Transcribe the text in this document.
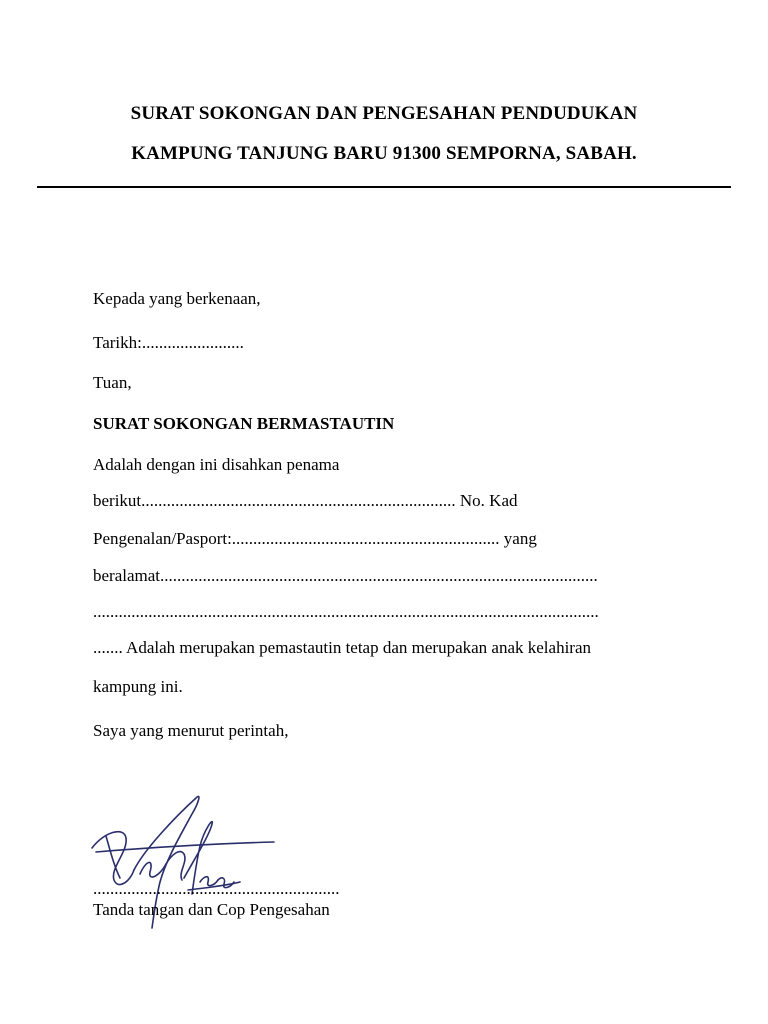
SURAT SOKONGAN DAN PENGESAHAN PENDUDUKAN
KAMPUNG TANJUNG BARU 91300 SEMPORNA, SABAH.
Kepada yang berkenaan,
Tarikh:........................
Tuan,
SURAT SOKONGAN BERMASTAUTIN
Adalah dengan ini disahkan penama
berikut.......................................................................... No. Kad
Pengenalan/Pasport:............................................................... yang
beralamat.......................................................................................................
.......................................................................................................................
....... Adalah merupakan pemastautin tetap dan merupakan anak kelahiran
kampung ini.
Saya yang menurut perintah,
..........................................................
Tanda tangan dan Cop Pengesahan
